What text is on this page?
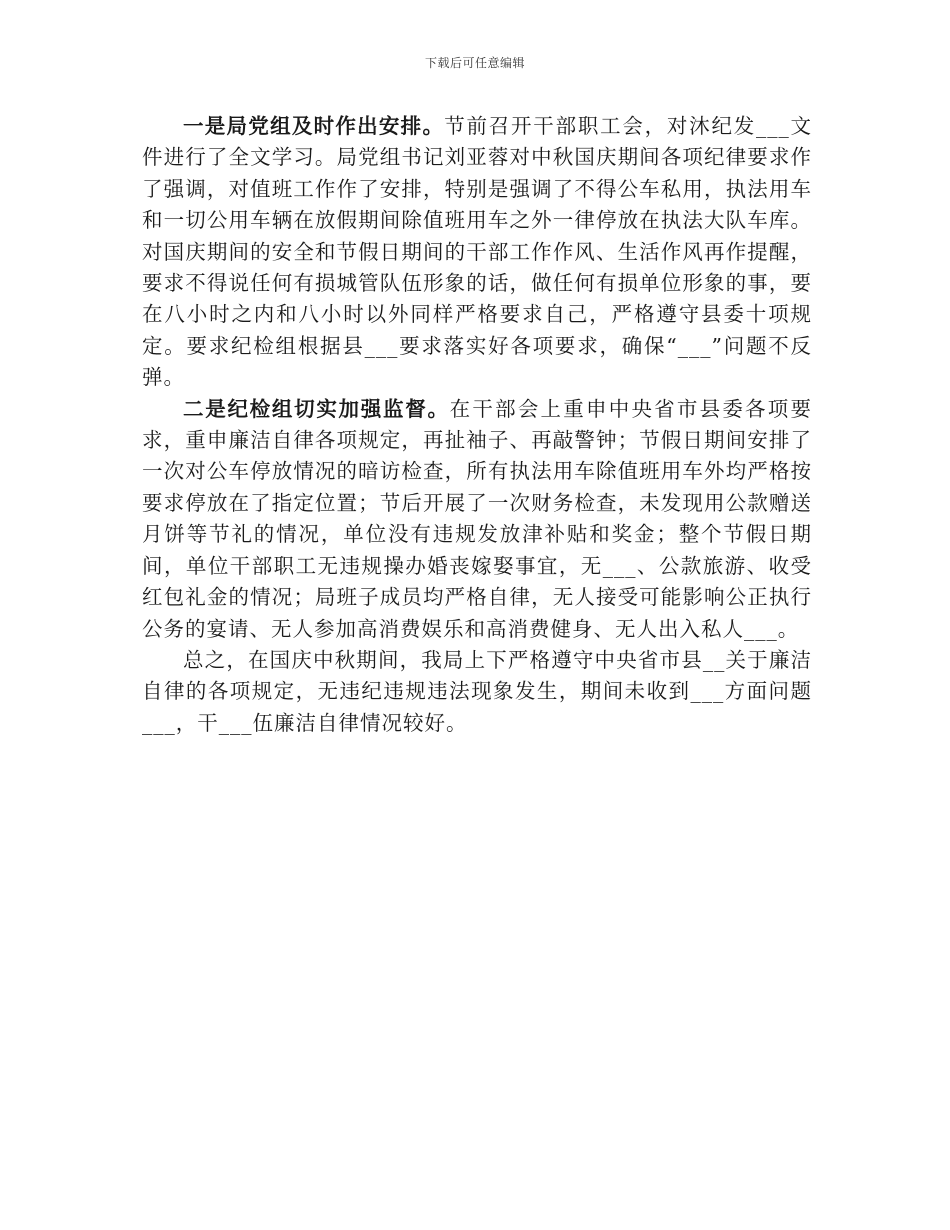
下载后可任意编辑

一是局党组及时作出安排。节前召开干部职工会，对沐纪发___文件进行了全文学习。局党组书记刘亚蓉对中秋国庆期间各项纪律要求作了强调，对值班工作作了安排，特别是强调了不得公车私用，执法用车和一切公用车辆在放假期间除值班用车之外一律停放在执法大队车库。对国庆期间的安全和节假日期间的干部工作作风、生活作风再作提醒，要求不得说任何有损城管队伍形象的话，做任何有损单位形象的事，要在八小时之内和八小时以外同样严格要求自己，严格遵守县委十项规定。要求纪检组根据县___要求落实好各项要求，确保“___”问题不反弹。

二是纪检组切实加强监督。在干部会上重申中央省市县委各项要求，重申廉洁自律各项规定，再扯袖子、再敲警钟；节假日期间安排了一次对公车停放情况的暗访检查，所有执法用车除值班用车外均严格按要求停放在了指定位置；节后开展了一次财务检查，未发现用公款赠送月饼等节礼的情况，单位没有违规发放津补贴和奖金；整个节假日期间，单位干部职工无违规操办婚丧嫁娶事宜，无___、公款旅游、收受红包礼金的情况；局班子成员均严格自律，无人接受可能影响公正执行公务的宴请、无人参加高消费娱乐和高消费健身、无人出入私人___。

总之，在国庆中秋期间，我局上下严格遵守中央省市县__关于廉洁自律的各项规定，无违纪违规违法现象发生，期间未收到___方面问题___，干___伍廉洁自律情况较好。
